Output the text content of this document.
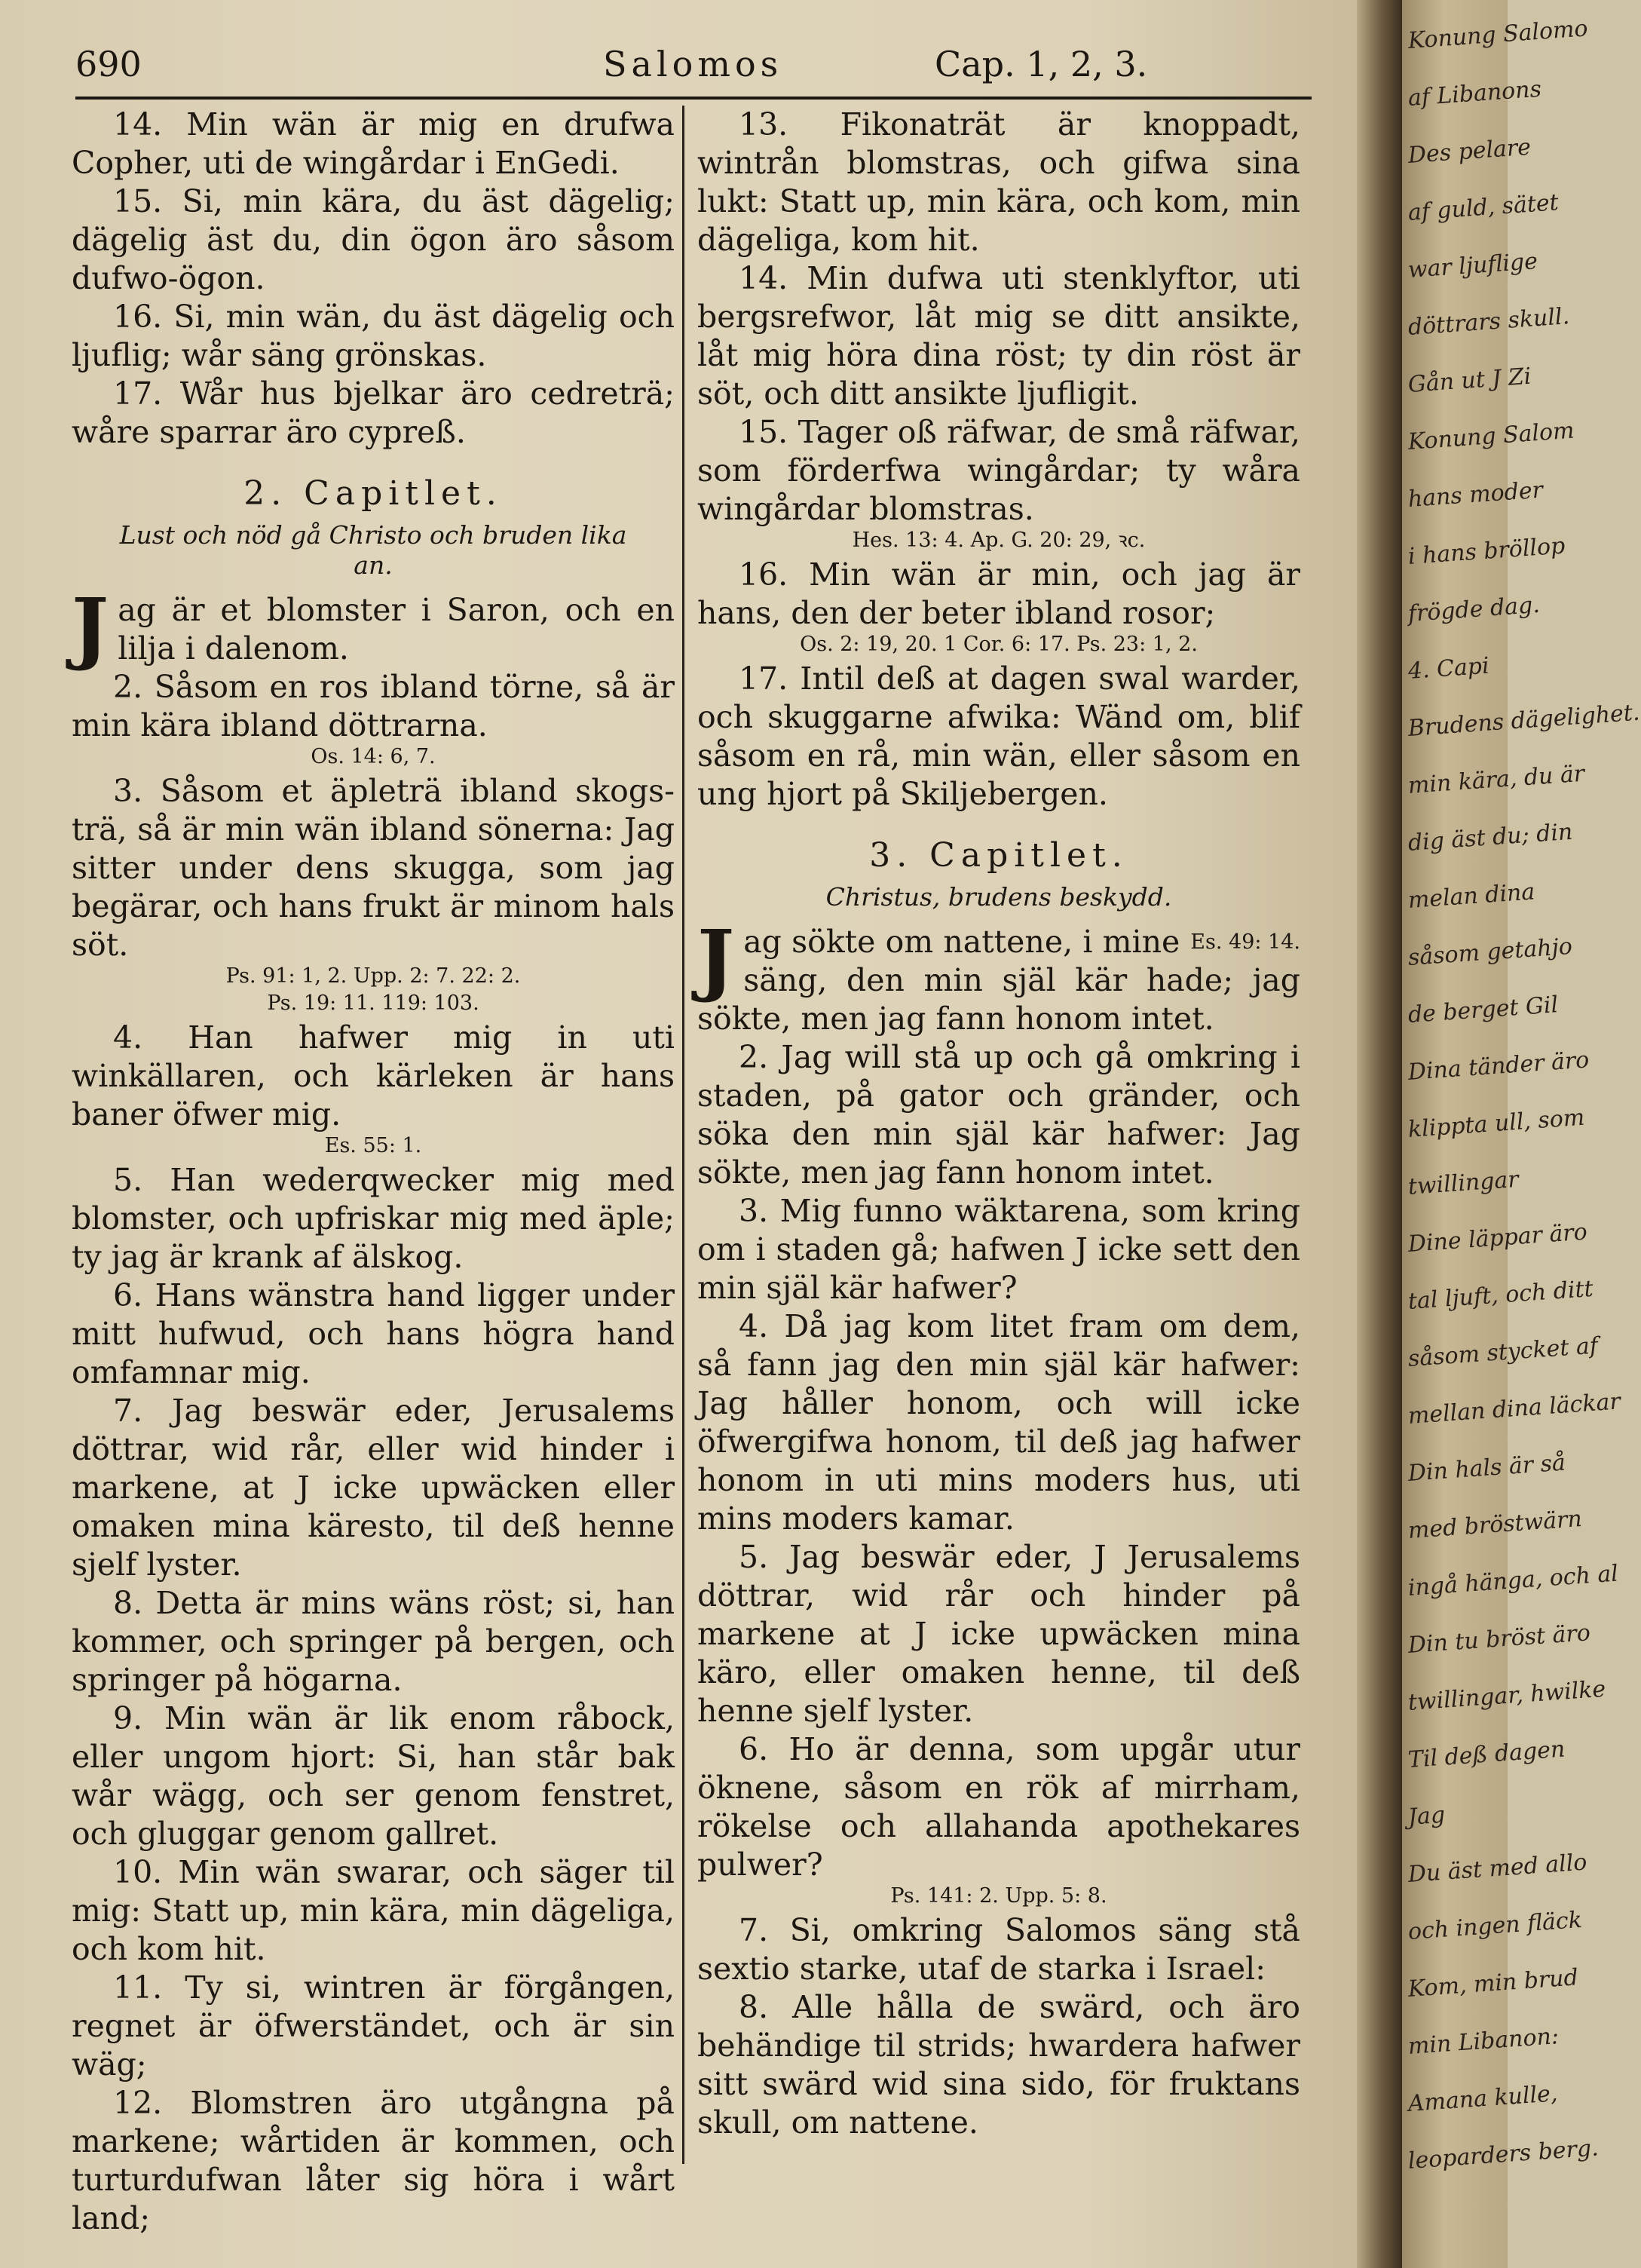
Konung Salomo
af Libanons
Des pelare
af guld, sätet
war ljuflige
döttrars skull.
Gån ut J Zi
Konung Salom
hans moder
i hans bröllop
frögde dag.
4. Capi
Brudens dägelighet.
min kära, du är
dig äst du; din
melan dina
såsom getahjo
de berget Gil
Dina tänder äro
klippta ull, som
twillingar
Dine läppar äro
tal ljuft, och ditt
såsom stycket af
mellan dina läckar
Din hals är så
med bröstwärn
ingå hänga, och al
Din tu bröst äro
twillingar, hwilke
Til deß dagen
Jag
Du äst med allo
och ingen fläck
Kom, min brud
min Libanon:
Amana kulle,
leoparders berg.
690	Salomos	Cap. 1, 2, 3.

14. Min wän är mig en drufwa Copher, uti de wingårdar i EnGedi.

15. Si, min kära, du äst dägelig; dägelig äst du, din ögon äro såsom dufwo-ögon.

16. Si, min wän, du äst dägelig och ljuflig; wår säng grönskas.

17. Wår hus bjelkar äro cedreträ; wåre sparrar äro cypreß.

2. Capitlet.
Lust och nöd gå Christo och bruden lika an.

Jag är et blomster i Saron, och en lilja i dalenom.

2. Såsom en ros ibland törne, så är min kära ibland döttrarna.

Os. 14: 6, 7.

3. Såsom et äpleträ ibland skogs-trä, så är min wän ibland sönerna: Jag sitter under dens skugga, som jag begärar, och hans frukt är minom hals söt.

Ps. 91: 1, 2. Upp. 2: 7. 22: 2.

Ps. 19: 11. 119: 103.

4. Han hafwer mig in uti winkällaren, och kärleken är hans baner öfwer mig.

Es. 55: 1.

5. Han wederqwecker mig med blomster, och upfriskar mig med äple; ty jag är krank af älskog.

6. Hans wänstra hand ligger under mitt hufwud, och hans högra hand omfamnar mig.

7. Jag beswär eder, Jerusalems döttrar, wid rår, eller wid hinder i markene, at J icke upwäcken eller omaken mina käresto, til deß henne sjelf lyster.

8. Detta är mins wäns röst; si, han kommer, och springer på bergen, och springer på högarna.

9. Min wän är lik enom råbock, eller ungom hjort: Si, han står bak wår wägg, och ser genom fenstret, och gluggar genom gallret.

10. Min wän swarar, och säger til mig: Statt up, min kära, min dägeliga, och kom hit.

11. Ty si, wintren är förgången, regnet är öfwerständet, och är sin wäg;

12. Blomstren äro utgångna på markene; wårtiden är kommen, och turturdufwan låter sig höra i wårt land;

13. Fikonaträt är knoppadt, wintrån blomstras, och gifwa sina lukt: Statt up, min kära, och kom, min dägeliga, kom hit.

14. Min dufwa uti stenklyftor, uti bergsrefwor, låt mig se ditt ansikte, låt mig höra dina röst; ty din röst är söt, och ditt ansikte ljufligit.

15. Tager oß räfwar, de små räfwar, som förderfwa wingårdar; ty wåra wingårdar blomstras.

Hes. 13: 4. Ap. G. 20: 29, ꝛc.

16. Min wän är min, och jag är hans, den der beter ibland rosor;

Os. 2: 19, 20. 1 Cor. 6: 17. Ps. 23: 1, 2.

17. Intil deß at dagen swal warder, och skuggarne afwika: Wänd om, blif såsom en rå, min wän, eller såsom en ung hjort på Skiljebergen.

3. Capitlet.
Christus, brudens beskydd.

J	Es. 49: 14.
ag sökte om nattene, i mine säng, den min själ kär hade; jag sökte, men jag fann honom intet.

2. Jag will stå up och gå omkring i staden, på gator och gränder, och söka den min själ kär hafwer: Jag sökte, men jag fann honom intet.

3. Mig funno wäktarena, som kring om i staden gå; hafwen J icke sett den min själ kär hafwer?

4. Då jag kom litet fram om dem, så fann jag den min själ kär hafwer: Jag håller honom, och will icke öfwergifwa honom, til deß jag hafwer honom in uti mins moders hus, uti mins moders kamar.

5. Jag beswär eder, J Jerusalems döttrar, wid rår och hinder på markene at J icke upwäcken mina käro, eller omaken henne, til deß henne sjelf lyster.

6. Ho är denna, som upgår utur öknene, såsom en rök af mirrham, rökelse och allahanda apothekares pulwer?

Ps. 141: 2. Upp. 5: 8.

7. Si, omkring Salomos säng stå sextio starke, utaf de starka i Israel:

8. Alle hålla de swärd, och äro behändige til strids; hwardera hafwer sitt swärd wid sina sido, för fruktans skull, om nattene.
